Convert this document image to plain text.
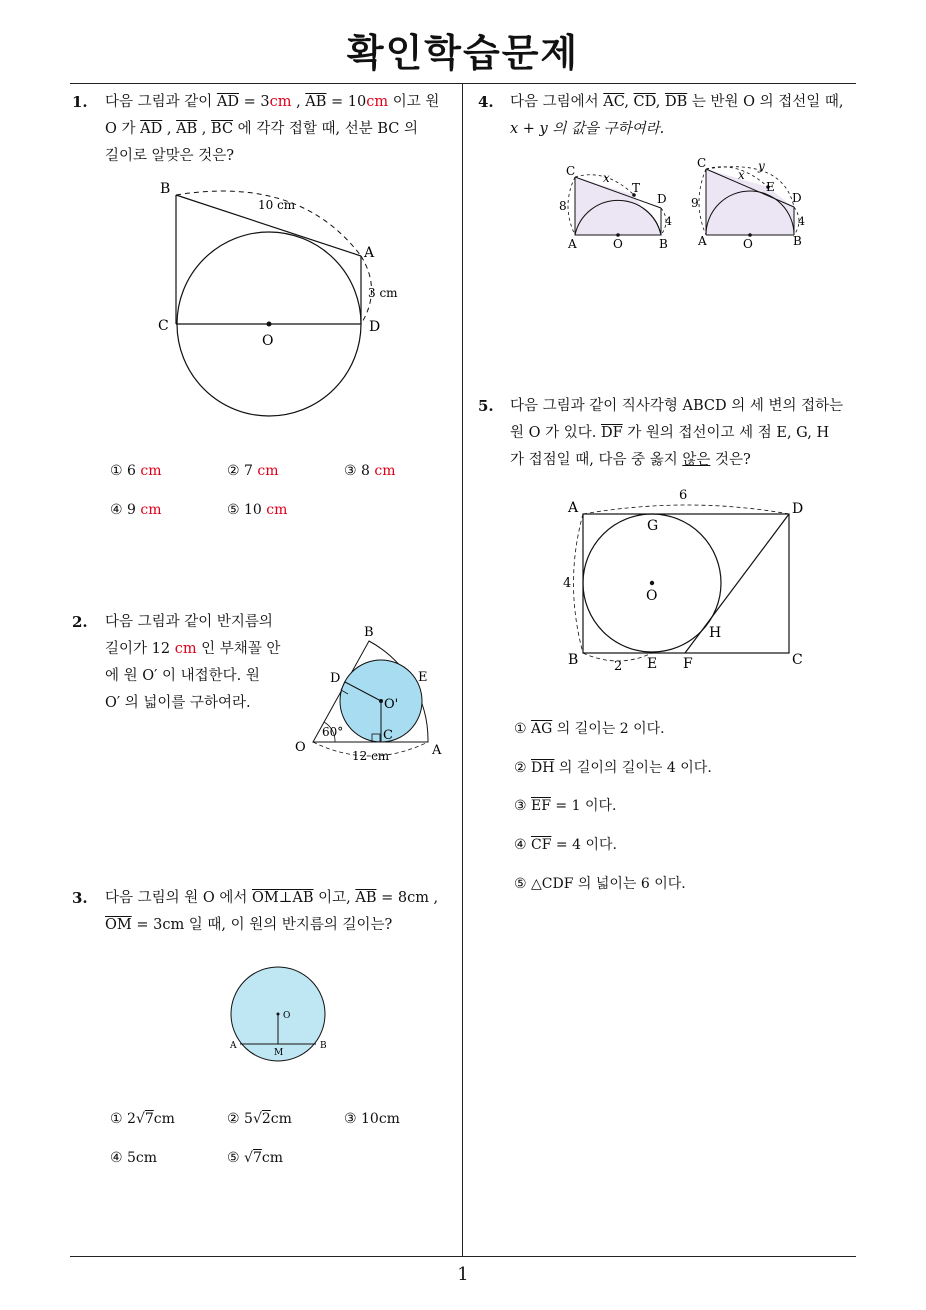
확인학습문제
1
1. 다음 그림과 같이 $\overline{AD} = 3cm$ , $\overline{AB} = 10cm$ 이고 원
O 가 $\overline{AD}$ , $\overline{AB}$ , $\overline{BC}$ 에 각각 접할 때, 선분 BC 의
길이로 알맞은 것은?
B
A
C	D
O
10 cm
3 cm
① 6 cm	② 7 cm	③ 8 cm
④ 9 cm	⑤ 10 cm
2. 다음 그림과 같이 반지름의
길이가 12 cm 인 부채꼴 안
에 원 O′ 이 내접한다. 원
O′ 의 넓이를 구하여라.
B
D	E
O'
C
O	A
60°
12 cm
3. 다음 그림의 원 O 에서 OM⊥AB 이고, $\overline{AB} = 8cm$ ,
$\overline{OM} = 3cm$ 일 때, 이 원의 반지름의 길이는?
O
A
M
B
① 2√7cm	② 5√2cm	③ 10cm
④ 5cm	⑤ √7cm
4. 다음 그림에서 $\overline{AC}$, $\overline{CD}$, $\overline{DB}$ 는 반원 O 의 접선일 때,
x + y 의 값을 구하여라.
C x
T
D
8
4
A	O	B
C	y
x
E
D
9
4
A	O	B
5. 다음 그림과 같이 직사각형 ABCD 의 세 변의 접하는
원 O 가 있다. $\overline{DF}$ 가 원의 접선이고 세 점 E, G, H
가 접점일 때, 다음 중 옳지 않은 것은?
A	D
B	C
G
O
H
E F
6
4
2
① $\overline{AG}$ 의 길이는 2 이다.
② $\overline{DH}$ 의 길이의 길이는 4 이다.
③ $\overline{EF} = 1$ 이다.
④ $\overline{CF} = 4$ 이다.
⑤ △CDF 의 넓이는 6 이다.
